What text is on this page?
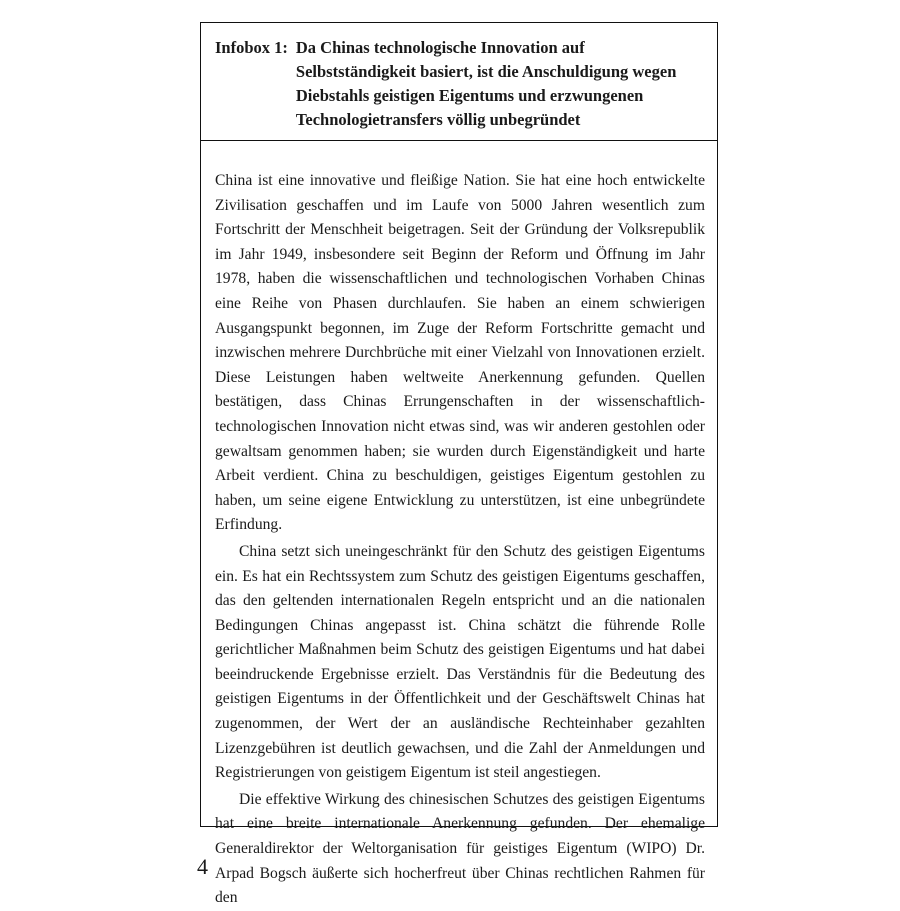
Infobox 1: Da Chinas technologische Innovation auf Selbstständigkeit basiert, ist die Anschuldigung wegen Diebstahls geistigen Eigentums und erzwungenen Technologietransfers völlig unbegründet

China ist eine innovative und fleißige Nation. Sie hat eine hoch entwickelte Zivilisation geschaffen und im Laufe von 5000 Jahren wesentlich zum Fortschritt der Menschheit beigetragen. Seit der Gründung der Volksrepublik im Jahr 1949, insbesondere seit Beginn der Reform und Öffnung im Jahr 1978, haben die wissenschaftlichen und technologischen Vorhaben Chinas eine Reihe von Phasen durchlaufen. Sie haben an einem schwierigen Ausgangspunkt begonnen, im Zuge der Reform Fortschritte gemacht und inzwischen mehrere Durchbrüche mit einer Vielzahl von Innovationen erzielt. Diese Leistungen haben weltweite Anerkennung gefunden. Quellen bestätigen, dass Chinas Errungenschaften in der wissenschaftlich-technologischen Innovation nicht etwas sind, was wir anderen gestohlen oder gewaltsam genommen haben; sie wurden durch Eigenständigkeit und harte Arbeit verdient. China zu beschuldigen, geistiges Eigentum gestohlen zu haben, um seine eigene Entwicklung zu unterstützen, ist eine unbegründete Erfindung.

China setzt sich uneingeschränkt für den Schutz des geistigen Eigentums ein. Es hat ein Rechtssystem zum Schutz des geistigen Eigentums geschaffen, das den geltenden internationalen Regeln entspricht und an die nationalen Bedingungen Chinas angepasst ist. China schätzt die führende Rolle gerichtlicher Maßnahmen beim Schutz des geistigen Eigentums und hat dabei beeindruckende Ergebnisse erzielt. Das Verständnis für die Bedeutung des geistigen Eigentums in der Öffentlichkeit und der Geschäftswelt Chinas hat zugenommen, der Wert der an ausländische Rechteinhaber gezahlten Lizenzgebühren ist deutlich gewachsen, und die Zahl der Anmeldungen und Registrierungen von geistigem Eigentum ist steil angestiegen.

Die effektive Wirkung des chinesischen Schutzes des geistigen Eigentums hat eine breite internationale Anerkennung gefunden. Der ehemalige Generaldirektor der Weltorganisation für geistiges Eigentum (WIPO) Dr. Arpad Bogsch äußerte sich hocherfreut über Chinas rechtlichen Rahmen für den

4
